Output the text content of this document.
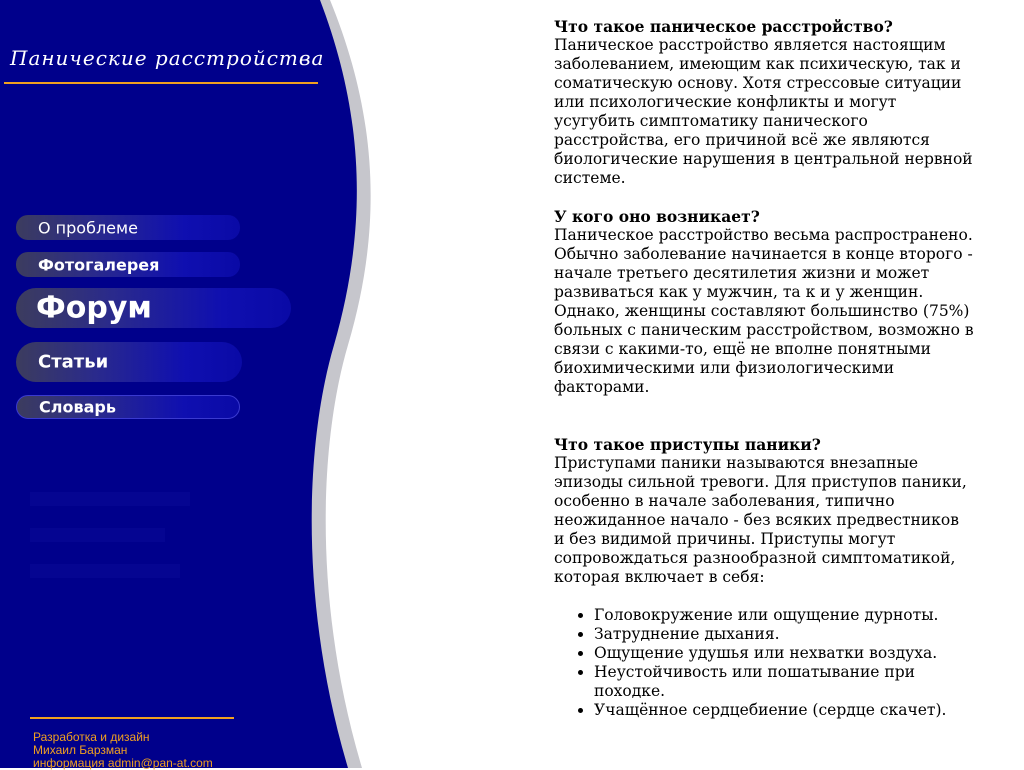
Панические расстройства
О проблеме
Фотогалерея
Форум
Статьи
Словарь
Разработка и дизайн
Михаил Барзман
информация admin@pan-at.com
Что такое паническое расстройство?

Паническое расстройство является настоящим заболеванием, имеющим как психическую, так и соматическую основу. Хотя стрессовые ситуации или психологические конфликты и могут усугубить симптоматику панического расстройства, его причиной всё же являются биологические нарушения в центральной нервной системе.

У кого оно возникает?

Паническое расстройство весьма распространено. Обычно заболевание начинается в конце второго - начале третьего десятилетия жизни и может развиваться как у мужчин, та к и у женщин. Однако, женщины составляют большинство (75%) больных с паническим расстройством, возможно в связи с какими-то, ещё не вполне понятными биохимическими или физиологическими факторами.

Что такое приступы паники?

Приступами паники называются внезапные эпизоды сильной тревоги. Для приступов паники, особенно в начале заболевания, типично неожиданное начало - без всяких предвестников и без видимой причины. Приступы могут сопровождаться разнообразной симптоматикой, которая включает в себя:

• Головокружение или ощущение дурноты.
• Затруднение дыхания.
• Ощущение удушья или нехватки воздуха.
• Неустойчивость или пошатывание при походке.
• Учащённое сердцебиение (сердце скачет).
